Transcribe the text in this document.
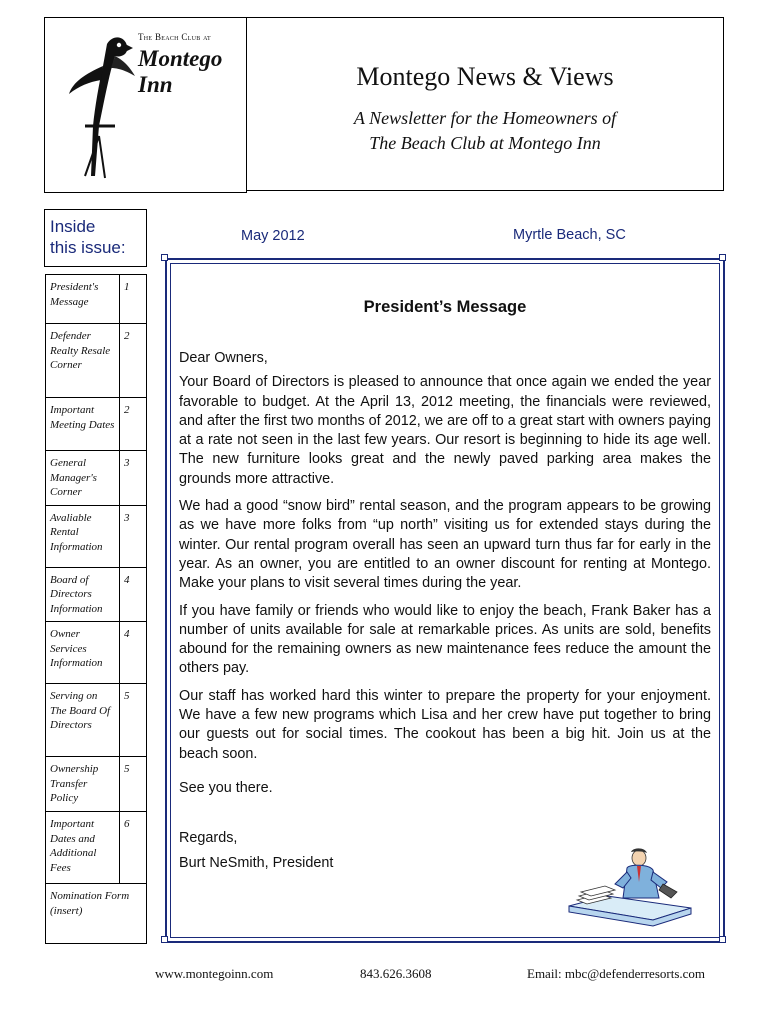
The Beach Club at
Montego Inn	Montego News & Views
A Newsletter for the Homeowners of
The Beach Club at Montego Inn
Inside
this issue:
President's Message	1
Defender Realty Resale Corner	2
Important Meeting Dates	2
General Manager's Corner	3
Avaliable Rental Information	3
Board of Directors Information	4
Owner Services Information	4
Serving on The Board Of Directors	5
Ownership Transfer Policy	5
Important Dates and Additional Fees	6
Nomination Form (insert)	
May 2012	Myrtle Beach, SC
President’s Message

Dear Owners,

Your Board of Directors is pleased to announce that once again we ended the year favorable to budget. At the April 13, 2012 meeting, the financials were reviewed, and after the first two months of 2012, we are off to a great start with owners paying at a rate not seen in the last few years. Our resort is beginning to hide its age well. The new furniture looks great and the newly paved parking area makes the grounds more attractive.

We had a good “snow bird” rental season, and the program appears to be growing as we have more folks from “up north” visiting us for extended stays during the winter. Our rental program overall has seen an upward turn thus far for early in the year. As an owner, you are entitled to an owner discount for renting at Montego. Make your plans to visit several times during the year.

If you have family or friends who would like to enjoy the beach, Frank Baker has a number of units available for sale at remarkable prices. As units are sold, benefits abound for the remaining owners as new maintenance fees reduce the amount the others pay.

Our staff has worked hard this winter to prepare the property for your enjoyment. We have a few new programs which Lisa and her crew have put together to bring our guests out for social times. The cookout has been a big hit. Join us at the beach soon.

See you there.
Regards,
Burt NeSmith, President
www.montegoinn.com	843.626.3608	Email: mbc@defenderresorts.com
